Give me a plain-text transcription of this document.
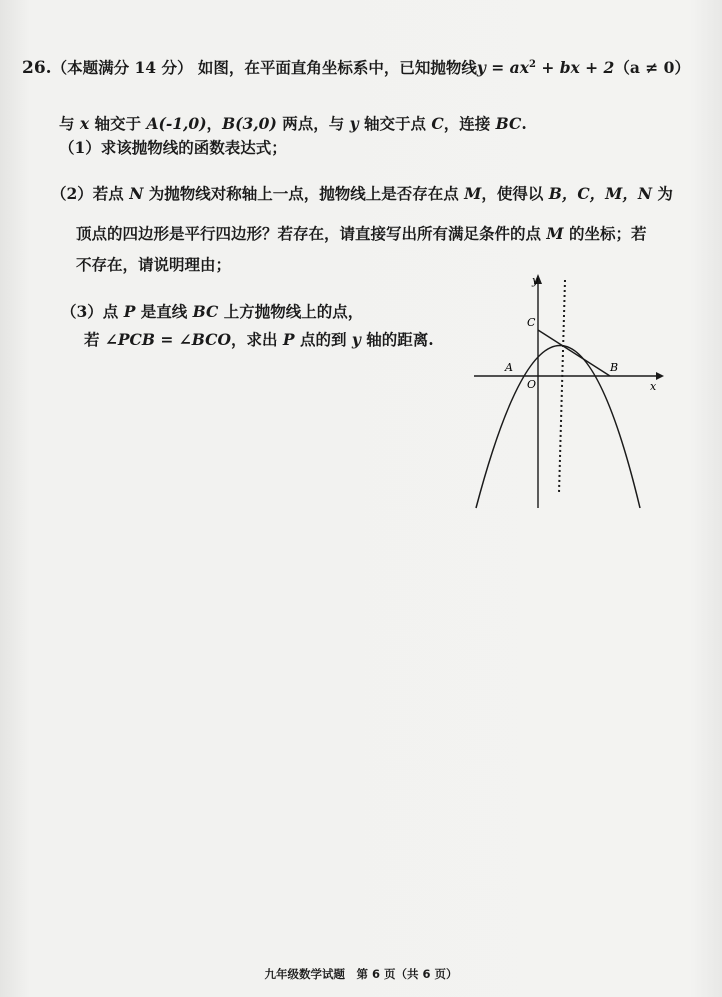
26.（本题满分 14 分） 如图，在平面直角坐标系中，已知抛物线$y = ax^2$ + bx + 2（a ≠ 0）
与 x 轴交于 A(-1,0)，B(3,0) 两点，与 y 轴交于点 C，连接 BC.
（1）求该抛物线的函数表达式；
（2）若点 N 为抛物线对称轴上一点，抛物线上是否存在点 M，使得以 B，C，M，N 为
顶点的四边形是平行四边形？若存在，请直接写出所有满足条件的点 M 的坐标；若
不存在，请说明理由；
（3）点 P 是直线 BC 上方抛物线上的点，
若 ∠PCB = ∠BCO，求出 P 点的到 y 轴的距离.
y
x
C
A
O
B
九年级数学试题　第 6 页（共 6 页）
